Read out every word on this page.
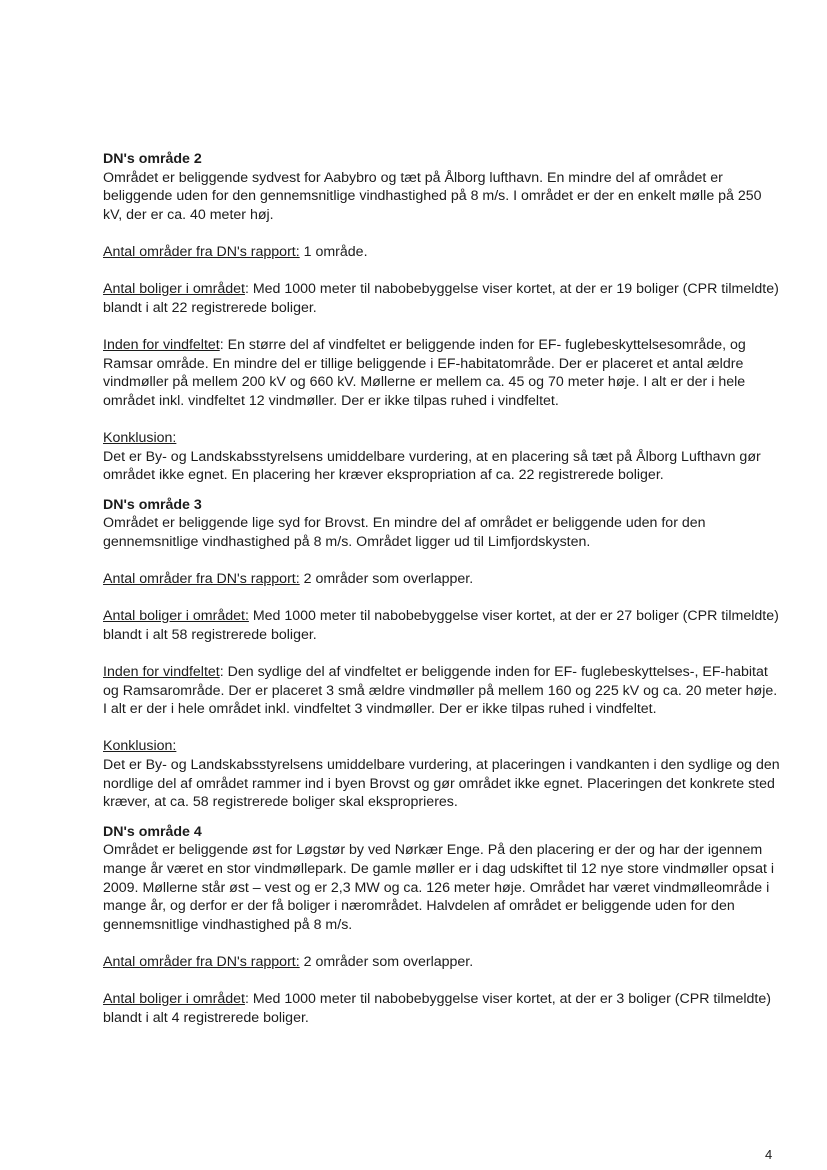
DN's område 2

Området er beliggende sydvest for Aabybro og tæt på Ålborg lufthavn. En mindre del af området er beliggende uden for den gennemsnitlige vindhastighed på 8 m/s. I området er der en enkelt mølle på 250 kV, der er ca. 40 meter høj.

Antal områder fra DN's rapport: 1 område.

Antal boliger i området: Med 1000 meter til nabobebyggelse viser kortet, at der er 19 boliger (CPR tilmeldte) blandt i alt 22 registrerede boliger.

Inden for vindfeltet: En større del af vindfeltet er beliggende inden for EF- fuglebeskyttelsesområde, og Ramsar område. En mindre del er tillige beliggende i EF-habitatområde. Der er placeret et antal ældre vindmøller på mellem 200 kV og 660 kV. Møllerne er mellem ca. 45 og 70 meter høje. I alt er der i hele området inkl. vindfeltet 12 vindmøller. Der er ikke tilpas ruhed i vindfeltet.

Konklusion:

Det er By- og Landskabsstyrelsens umiddelbare vurdering, at en placering så tæt på Ålborg Lufthavn gør området ikke egnet. En placering her kræver ekspropriation af ca. 22 registrerede boliger.

DN's område 3

Området er beliggende lige syd for Brovst. En mindre del af området er beliggende uden for den gennemsnitlige vindhastighed på 8 m/s. Området ligger ud til Limfjordskysten.

Antal områder fra DN's rapport: 2 områder som overlapper.

Antal boliger i området: Med 1000 meter til nabobebyggelse viser kortet, at der er 27 boliger (CPR tilmeldte) blandt i alt 58 registrerede boliger.

Inden for vindfeltet: Den sydlige del af vindfeltet er beliggende inden for EF- fuglebeskyttelses-, EF-habitat og Ramsarområde. Der er placeret 3 små ældre vindmøller på mellem 160 og 225 kV og ca. 20 meter høje. I alt er der i hele området inkl. vindfeltet 3 vindmøller. Der er ikke tilpas ruhed i vindfeltet.

Konklusion:

Det er By- og Landskabsstyrelsens umiddelbare vurdering, at placeringen i vandkanten i den sydlige og den nordlige del af området rammer ind i byen Brovst og gør området ikke egnet. Placeringen det konkrete sted kræver, at ca. 58 registrerede boliger skal eksproprieres.

DN's område 4

Området er beliggende øst for Løgstør by ved Nørkær Enge. På den placering er der og har der igennem mange år været en stor vindmøllepark. De gamle møller er i dag udskiftet til 12 nye store vindmøller opsat i 2009. Møllerne står øst – vest og er 2,3 MW og ca. 126 meter høje. Området har været vindmølleområde i mange år, og derfor er der få boliger i nærområdet. Halvdelen af området er beliggende uden for den gennemsnitlige vindhastighed på 8 m/s.

Antal områder fra DN's rapport: 2 områder som overlapper.

Antal boliger i området: Med 1000 meter til nabobebyggelse viser kortet, at der er 3 boliger (CPR tilmeldte) blandt i alt 4 registrerede boliger.

4
